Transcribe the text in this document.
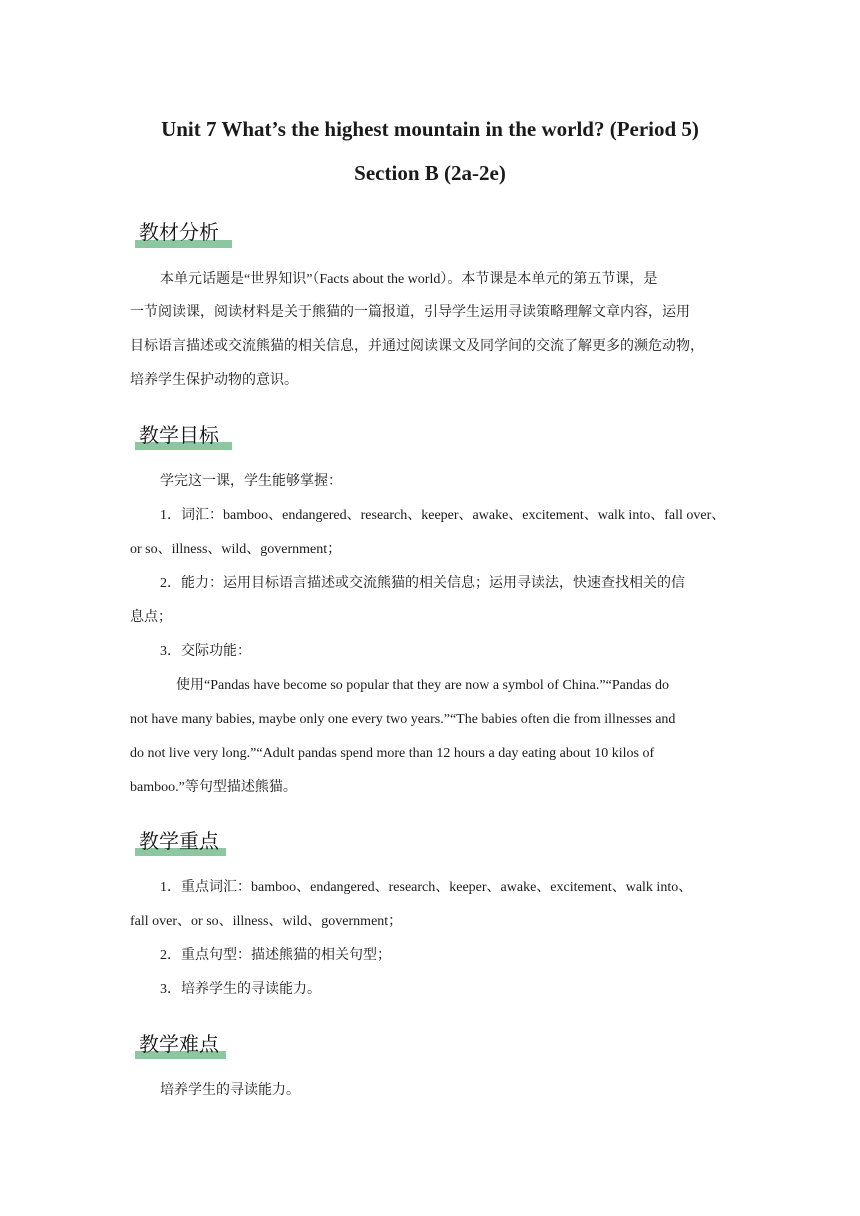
Unit 7 What’s the highest mountain in the world? (Period 5)
Section B (2a-2e)
教材分析
本单元话题是“世界知识”（Facts about the world）。本节课是本单元的第五节课，是
一节阅读课，阅读材料是关于熊猫的一篇报道，引导学生运用寻读策略理解文章内容，运用
目标语言描述或交流熊猫的相关信息，并通过阅读课文及同学间的交流了解更多的濒危动物，
培养学生保护动物的意识。
教学目标
学完这一课，学生能够掌握：
1．词汇：bamboo、endangered、research、keeper、awake、excitement、walk into、fall over、
or so、illness、wild、government；
2．能力：运用目标语言描述或交流熊猫的相关信息；运用寻读法，快速查找相关的信
息点；
3．交际功能：
使用“Pandas have become so popular that they are now a symbol of China.”“Pandas do
not have many babies, maybe only one every two years.”“The babies often die from illnesses and
do not live very long.”“Adult pandas spend more than 12 hours a day eating about 10 kilos of
bamboo.”等句型描述熊猫。
教学重点
1．重点词汇：bamboo、endangered、research、keeper、awake、excitement、walk into、
fall over、or so、illness、wild、government；
2．重点句型：描述熊猫的相关句型；
3．培养学生的寻读能力。
教学难点
培养学生的寻读能力。
